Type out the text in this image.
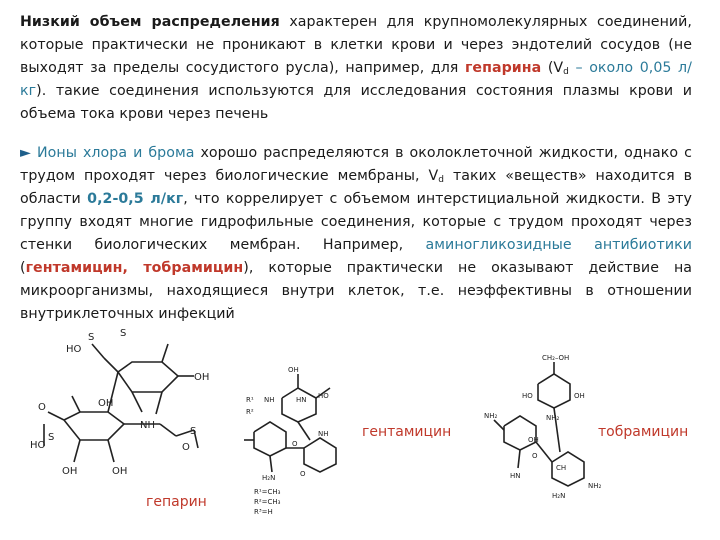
Низкий объем распределения характерен для крупномолекулярных соединений, которые практически не проникают в клетки крови и через эндотелий сосудов (не выходят за пределы сосудистого русла), например, для гепарина ($V_d$ – около 0,05 л/кг). такие соединения используются для исследования состояния плазмы крови и объема тока крови через печень
► Ионы хлора и брома хорошо распределяются в околоклеточной жидкости, однако с трудом проходят через биологические мембраны, $V_d$ таких «веществ» находится в области 0,2-0,5 л/кг, что коррелирует с объемом интерстициальной жидкости. В эту группу входят многие гидрофильные соединения, которые с трудом проходят через стенки биологических мембран. Например, аминогликозидные антибиотики (гентамицин, тобрамицин), которые практически не оказывают действие на микроорганизмы, находящиеся внутри клеток, т.е. неэффективны в отношении внутриклеточных инфекций
HO
OH
OH
OH
OH
HO
NH
O
O
S
S
S
S
OH
HO
NH
NH
HN
O
O
H₂N
R¹
R²
R¹=CH₃
R²=CH₃
R³=H
CH₂–OH
NH₂
OH
HO
O
NH₂
HN
OH
NH₂
H₂N
CH
гепарин
гентамицин	тобрамицин
